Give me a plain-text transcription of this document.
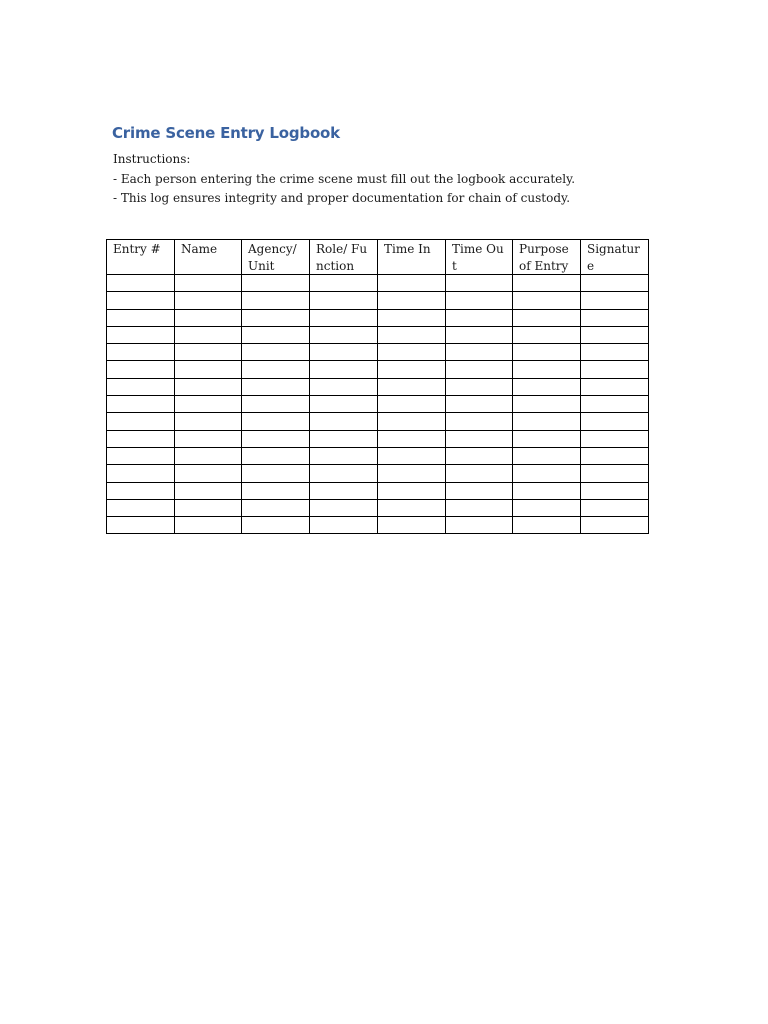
Crime Scene Entry Logbook
Instructions:
- Each person entering the crime scene must fill out the logbook accurately.
- This log ensures integrity and proper documentation for chain of custody.
Entry #	Name	Agency/ Unit	Role/ Function	Time In	Time Out	Purpose of Entry	Signature
